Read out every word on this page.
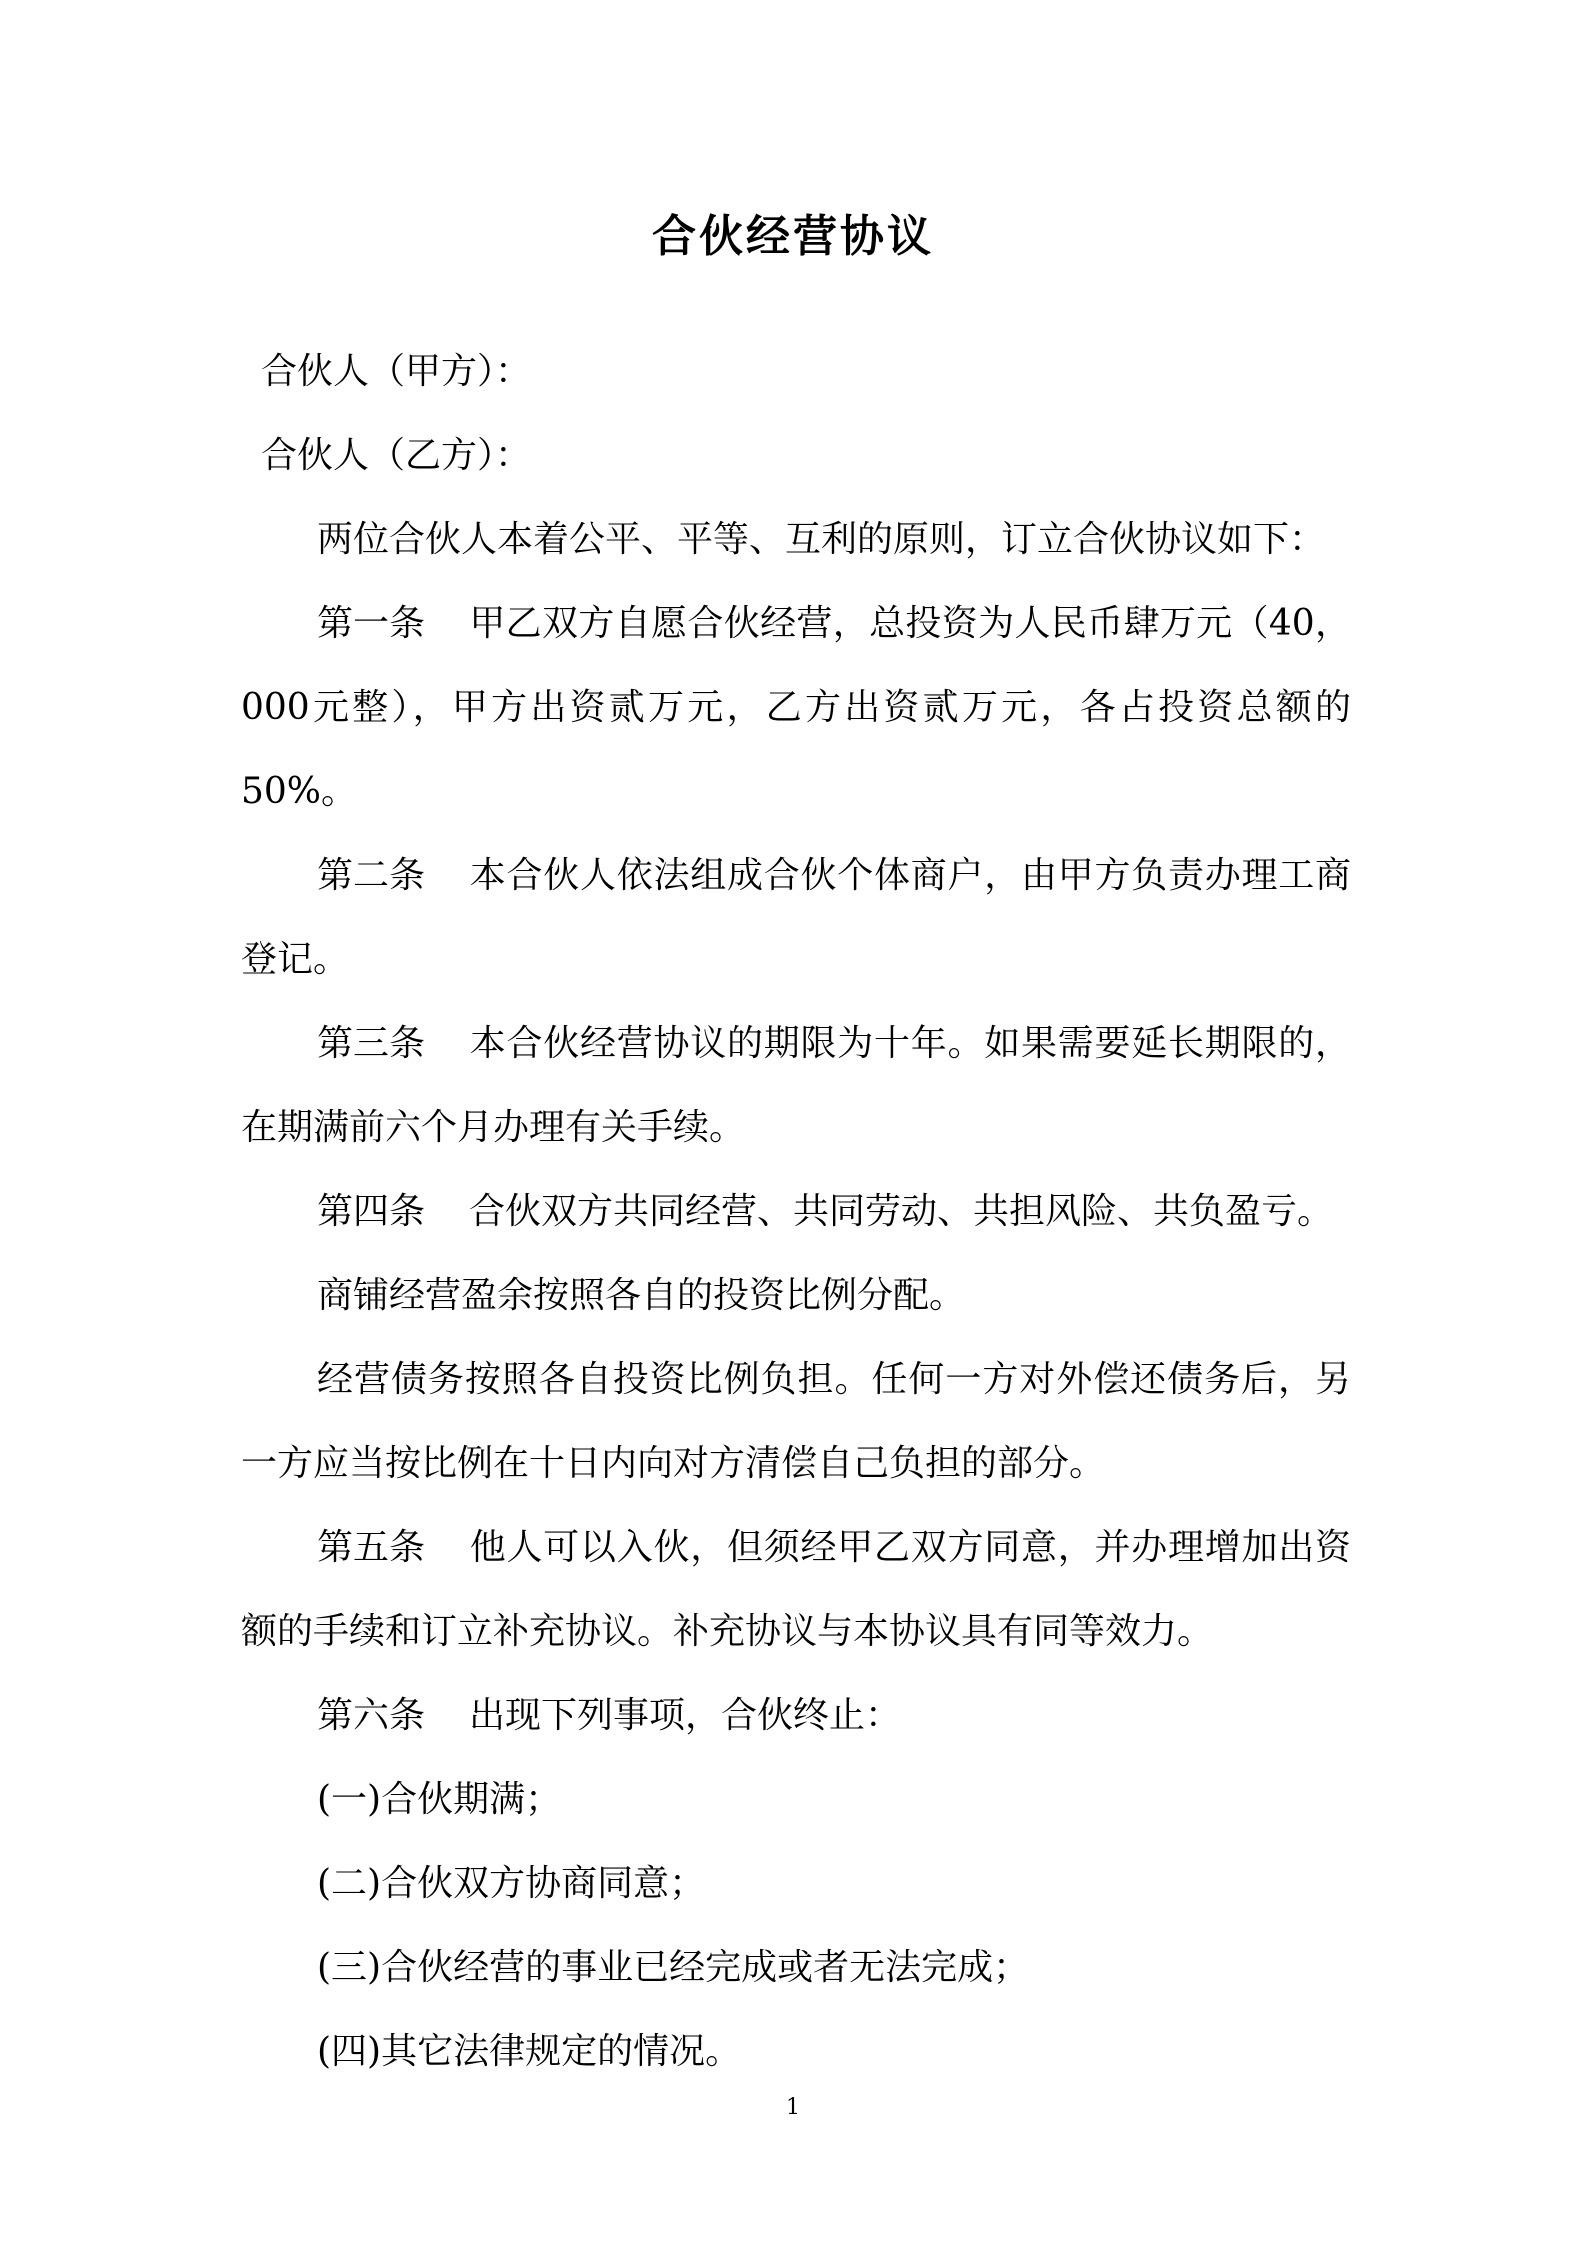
合伙经营协议

合伙人（甲方）：

合伙人（乙方）：

两位合伙人本着公平、平等、互利的原则，订立合伙协议如下：

第一条 甲乙双方自愿合伙经营，总投资为人民币肆万元（40，000元整），甲方出资贰万元，乙方出资贰万元，各占投资总额的50%。

第二条 本合伙人依法组成合伙个体商户，由甲方负责办理工商登记。

第三条 本合伙经营协议的期限为十年。如果需要延长期限的，在期满前六个月办理有关手续。

第四条 合伙双方共同经营、共同劳动、共担风险、共负盈亏。

商铺经营盈余按照各自的投资比例分配。

经营债务按照各自投资比例负担。任何一方对外偿还债务后，另一方应当按比例在十日内向对方清偿自己负担的部分。

第五条 他人可以入伙，但须经甲乙双方同意，并办理增加出资额的手续和订立补充协议。补充协议与本协议具有同等效力。

第六条 出现下列事项，合伙终止：

(一)合伙期满；

(二)合伙双方协商同意；

(三)合伙经营的事业已经完成或者无法完成；

(四)其它法律规定的情况。

1
